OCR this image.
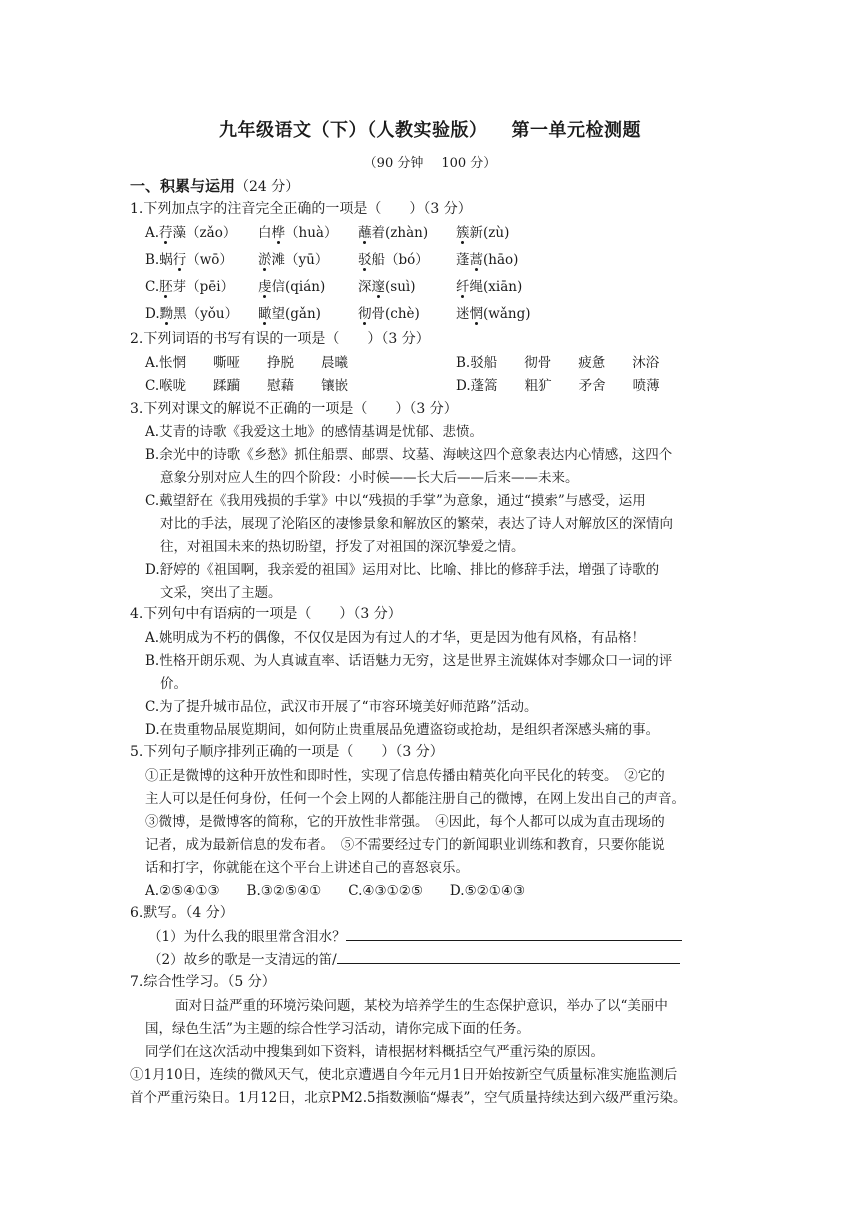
九年级语文（下）（人教实验版） 第一单元检测题
（90 分钟 100 分）
一、积累与运用（24 分）
1.下列加点字的注音完全正确的一项是（　　）（3 分）
A.荇藻（zǎo） 白桦（huà） 蘸着(zhàn) 簇新(zù)
B.蜗行（wō） 淤滩（yū） 驳船（bó） 蓬蒿(hāo)
C.胚芽（pēi） 虔信(qián) 深邃(suì)	纤绳(xiān)
D.黝黑（yǒu） 瞰望(gǎn)	彻骨(chè)	迷惘(wǎng)
2.下列词语的书写有误的一项是（　　）（3 分）
A.怅惘　　嘶哑　　挣脱　　晨曦	B.驳船　　彻骨　　疲惫　　沐浴
C.喉咙　　蹂躏　　慰藉　　镶嵌	D.蓬篙　　粗犷　　矛舍　　喷薄
3.下列对课文的解说不正确的一项是（　　）（3 分）
A.艾青的诗歌《我爱这土地》的感情基调是忧郁、悲愤。
B.余光中的诗歌《乡愁》抓住船票、邮票、坟墓、海峡这四个意象表达内心情感，这四个
意象分别对应人生的四个阶段：小时候——长大后——后来——未来。
C.戴望舒在《我用残损的手掌》中以“残损的手掌”为意象，通过“摸索”与感受，运用
对比的手法，展现了沦陷区的凄惨景象和解放区的繁荣，表达了诗人对解放区的深情向
往，对祖国未来的热切盼望，抒发了对祖国的深沉挚爱之情。
D.舒婷的《祖国啊，我亲爱的祖国》运用对比、比喻、排比的修辞手法，增强了诗歌的
文采，突出了主题。
4.下列句中有语病的一项是（　　）（3 分）
A.姚明成为不朽的偶像，不仅仅是因为有过人的才华，更是因为他有风格，有品格！
B.性格开朗乐观、为人真诚直率、话语魅力无穷，这是世界主流媒体对李娜众口一词的评
价。
C.为了提升城市品位，武汉市开展了“市容环境美好师范路”活动。
D.在贵重物品展览期间，如何防止贵重展品免遭盗窃或抢劫，是组织者深感头痛的事。
5.下列句子顺序排列正确的一项是（　　）（3 分）
①正是微博的这种开放性和即时性，实现了信息传播由精英化向平民化的转变。　②它的
主人可以是任何身份，任何一个会上网的人都能注册自己的微博，在网上发出自己的声音。
③微博，是微博客的简称，它的开放性非常强。　④因此，每个人都可以成为直击现场的
记者，成为最新信息的发布者。　⑤不需要经过专门的新闻职业训练和教育，只要你能说
话和打字，你就能在这个平台上讲述自己的喜怒哀乐。
A.②⑤④①③　　B.③②⑤④①　　C.④③①②⑤　　D.⑤②①④③
6.默写。（4 分）
（1）为什么我的眼里常含泪水？
（2）故乡的歌是一支清远的笛/
7.综合性学习。（5 分）
面对日益严重的环境污染问题，某校为培养学生的生态保护意识，举办了以“美丽中
国，绿色生活”为主题的综合性学习活动，请你完成下面的任务。
同学们在这次活动中搜集到如下资料，请根据材料概括空气严重污染的原因。
①1月10日，连续的微风天气，使北京遭遇自今年元月1日开始按新空气质量标准实施监测后
首个严重污染日。1月12日，北京PM2.5指数濒临“爆表”，空气质量持续达到六级严重污染。
